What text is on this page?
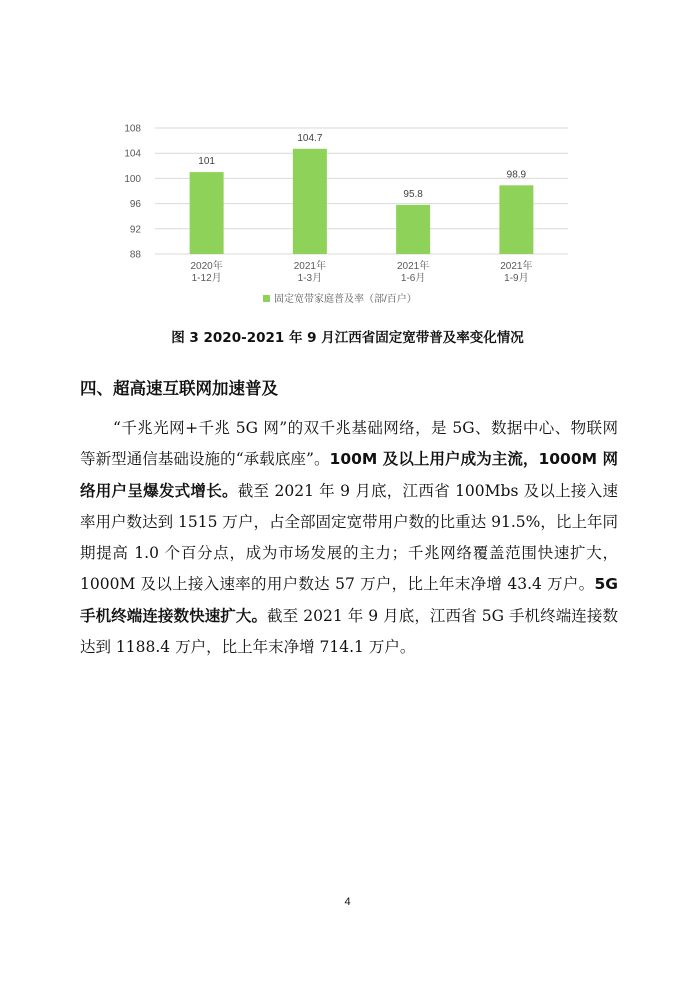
88
92
96
100
104
108
101
104.7
95.8
98.9
2020年
1-12月
2021年
1-3月
2021年
1-6月
2021年
1-9月
固定宽带家庭普及率（部/百户）
图 3 2020-2021 年 9 月江西省固定宽带普及率变化情况
四、超高速互联网加速普及
“千兆光网+千兆 5G 网”的双千兆基础网络，是 5G、数据中心、物联网等新型通信基础设施的“承载底座”。100M 及以上用户成为主流，1000M 网络用户呈爆发式增长。截至 2021 年 9 月底，江西省 100Mbs 及以上接入速率用户数达到 1515 万户，占全部固定宽带用户数的比重达 91.5%，比上年同期提高 1.0 个百分点，成为市场发展的主力；千兆网络覆盖范围快速扩大，1000M 及以上接入速率的用户数达 57 万户，比上年末净增 43.4 万户。5G 手机终端连接数快速扩大。截至 2021 年 9 月底，江西省 5G 手机终端连接数达到 1188.4 万户，比上年末净增 714.1 万户。
4
